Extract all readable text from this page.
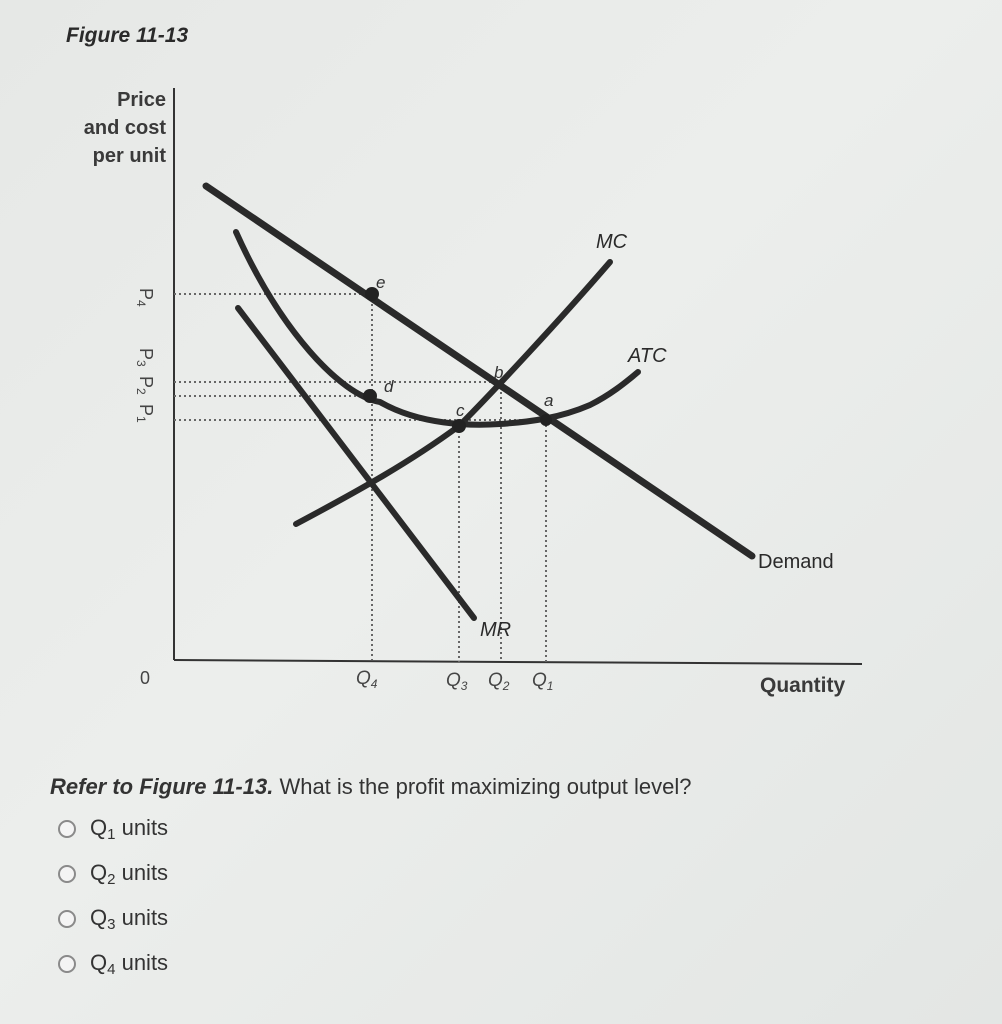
Figure 11-13
Price
and cost
per unit
e
d
c
b
a
MC
ATC
Demand
MR
P4
P3
P2
P1
0	$Q_4$	$Q_3$ $Q_2$ $Q_1$	Quantity
Refer to Figure 11-13. What is the profit maximizing output level?
$Q_1$ units
$Q_2$ units
$Q_3$ units
$Q_4$ units
